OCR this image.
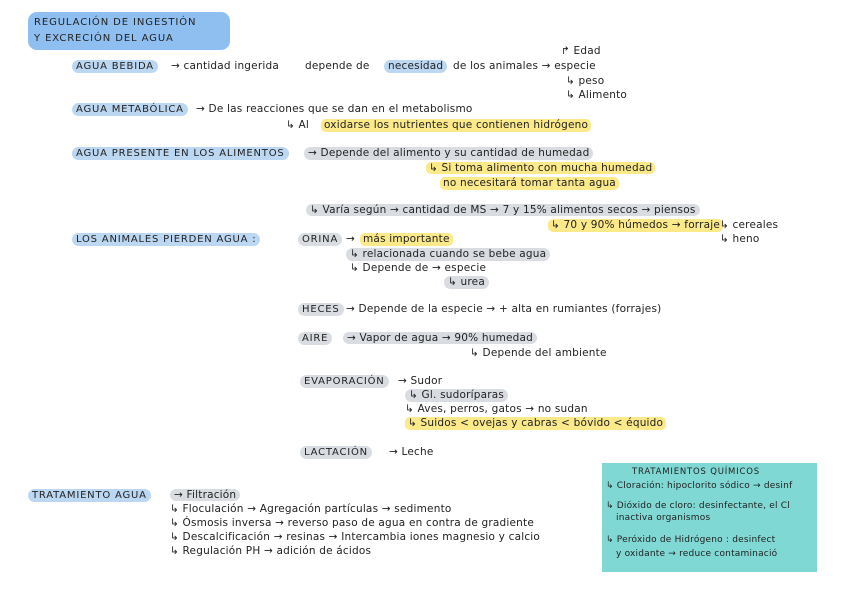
REGULACIÓN DE INGESTIÓN
Y EXCRECIÓN DEL AGUA
AGUA BEBIDA	→ cantidad ingerida depende de	necesidad de los animales → especie
↱ Edad
↳ peso
↳ Alimento
AGUA METABÓLICA	→ De las reacciones que se dan en el metabolismo
↳ Al oxidarse los nutrientes que contienen hidrógeno
AGUA PRESENTE EN LOS ALIMENTOS	→ Depende del alimento y su cantidad de humedad
↳ Si toma alimento con mucha humedad
no necesitará tomar tanta agua
↳ Varía según → cantidad de MS → 7 y 15% alimentos secos → piensos
↳ 70 y 90% húmedos → forraje ↳ cereales
↳ heno
LOS ANIMALES PIERDEN AGUA :	ORINA → más importante
↳ relacionada cuando se bebe agua
↳ Depende de → especie
↳ urea
HECES → Depende de la especie → + alta en rumiantes (forrajes)
AIRE	→ Vapor de agua → 90% humedad
↳ Depende del ambiente
EVAPORACIÓN	→ Sudor
↳ Gl. sudoríparas
↳ Aves, perros, gatos → no sudan
↳ Suidos < ovejas y cabras < bóvido < équido
LACTACIÓN	→ Leche
TRATAMIENTO AGUA	→ Filtración
↳ Floculación → Agregación partículas → sedimento
↳ Ósmosis inversa → reverso paso de agua en contra de gradiente
↳ Descalcificación → resinas → Intercambia iones magnesio y calcio
↳ Regulación PH → adición de ácidos
TRATAMIENTOS QUÍMICOS
↳ Cloración: hipoclorito sódico → desinf
↳ Dióxido de cloro: desinfectante, el Cl
inactiva organismos
↳ Peróxido de Hidrógeno : desinfect
y oxidante → reduce contaminació
